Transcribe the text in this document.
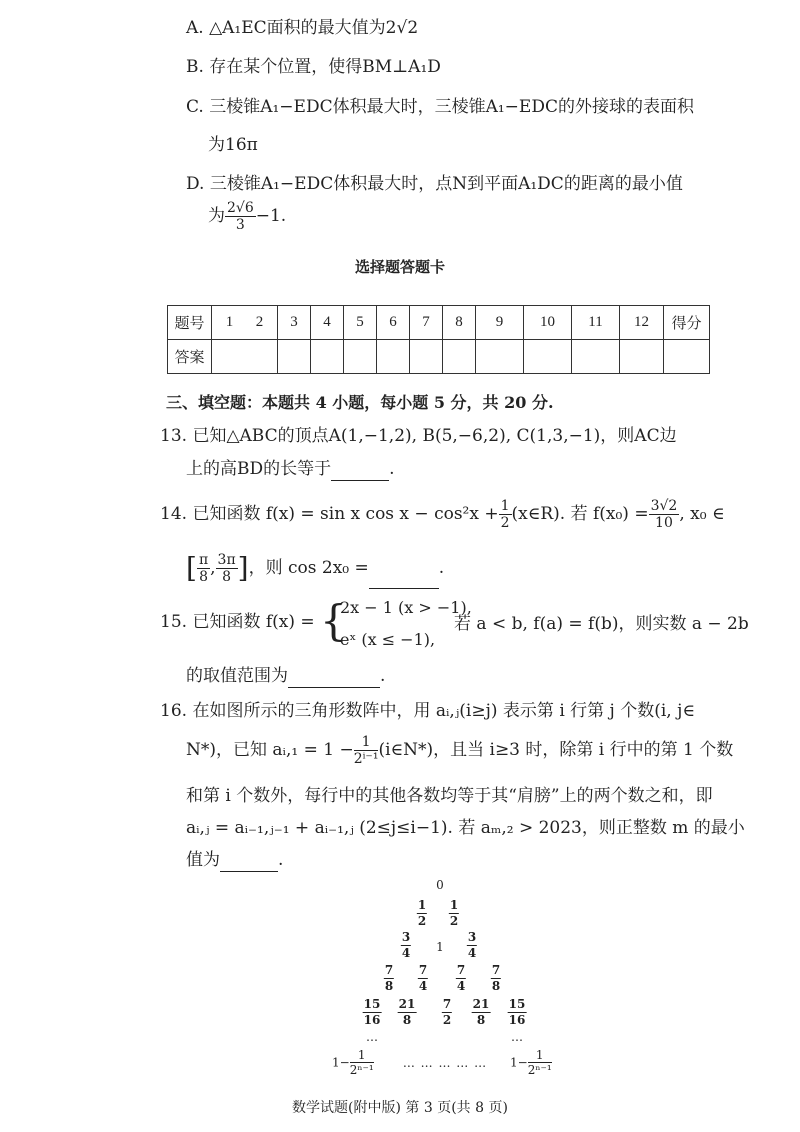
A. △A₁EC面积的最大值为2√2
B. 存在某个位置，使得BM⊥A₁D
C. 三棱锥A₁−EDC体积最大时，三棱锥A₁−EDC的外接球的表面积
为16π
D. 三棱锥A₁−EDC体积最大时，点N到平面A₁DC的距离的最小值
为 $\frac{2√6}{3} -1$.
选择题答题卡
题号	1 2	3	4	5	6	7	8	9	10	11	12	得分
答案												
三、填空题：本题共 4 小题，每小题 5 分，共 20 分.
13. 已知△ABC的顶点A(1,−1,2), B(5,−6,2), C(1,3,−1)，则AC边
上的高BD的长等于	.
14. 已知函数 f(x) = sin x $\cos x - \cos^2x + \frac{1}{2}$ (x∈R). 若 $f(x_0) = \frac{3√2}{10}$ , x₀ ∈
[ $\frac{\pi}{8}$ , $\frac{3\pi}{8}$ ]，则 cos 2x₀ =	.
15. 已知函数 f(x) = {
2x − 1 (x > −1),
eˣ (x ≤ −1),
若 a < b, f(a) = f(b)，则实数 a − 2b
的取值范围为	.
16. 在如图所示的三角形数阵中，用 aᵢ,ⱼ(i≥j) 表示第 i 行第 j 个数(i, j∈
N*)，已知 aᵢ,₁ = $1 - \frac{1}{\text{2ⁱ⁻¹}}$ (i∈N*)，且当 i≥3 时，除第 i 行中的第 1 个数
和第 i 个数外，每行中的其他各数均等于其“肩膀”上的两个数之和，即
aᵢ,ⱼ = aᵢ₋₁,ⱼ₋₁ + aᵢ₋₁,ⱼ (2≤j≤i−1). 若 aₘ,₂ > 2023，则正整数 m 的最小
值为	.
0
$\frac{1}{2} \frac{1}{2}$
$\frac{3}{4} 1 \frac{3}{4}$
$\frac{7}{8} \frac{7}{4} \frac{7}{4} \frac{7}{8}$
$\frac{15}{16} \frac{21}{8} \frac{7}{2} \frac{21}{8} \frac{15}{16}$
…	…
$1- \frac{1}{\text{2ⁿ⁻¹}}$ … … … … … $1- \frac{1}{\text{2ⁿ⁻¹}}$
数学试题(附中版) 第 3 页(共 8 页)
